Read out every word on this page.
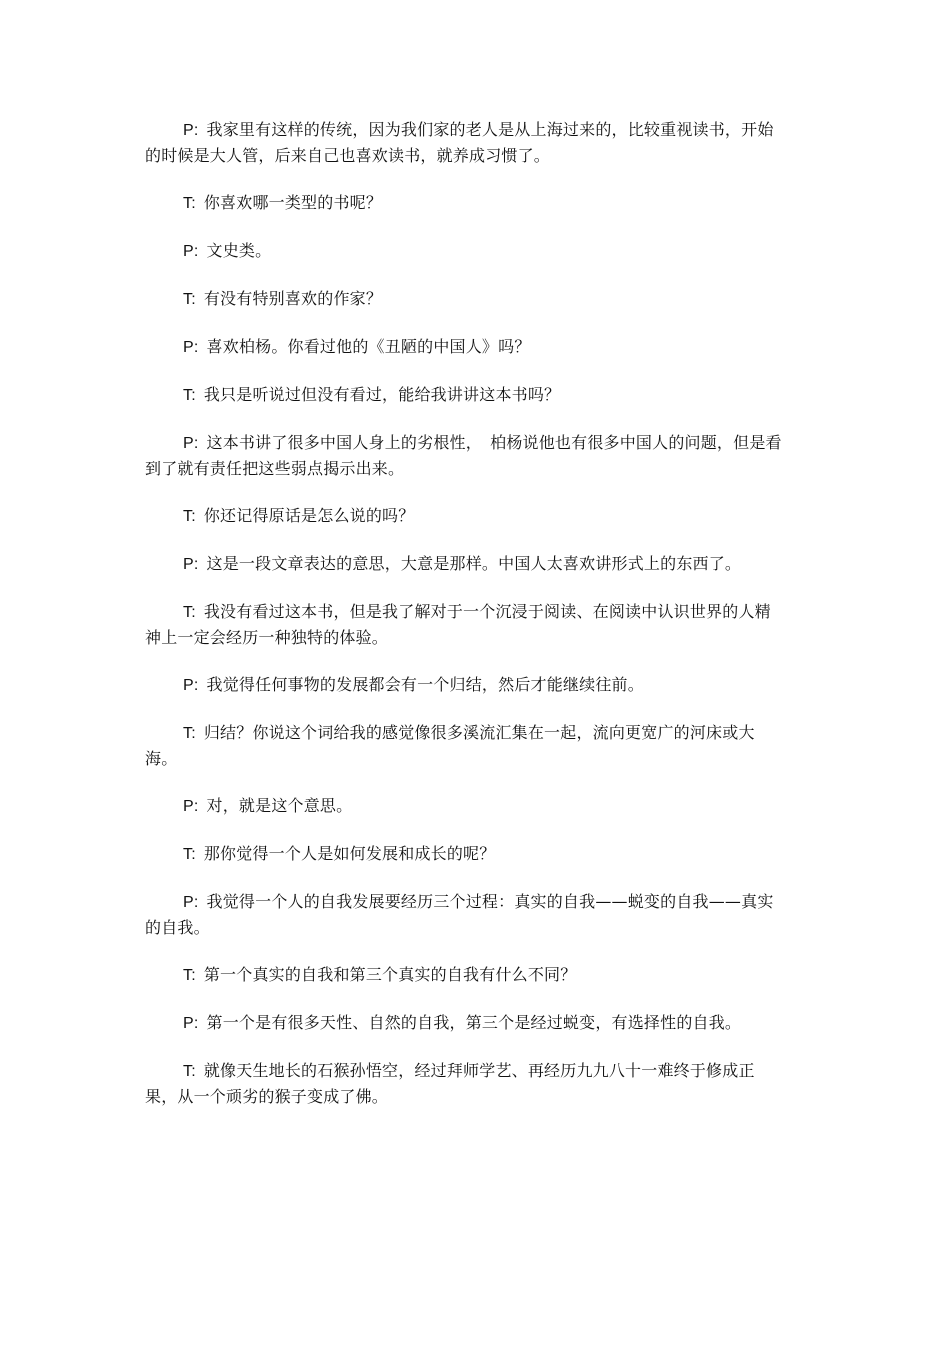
P: 我家里有这样的传统，因为我们家的老人是从上海过来的，比较重视读书，开始的时候是大人管，后来自己也喜欢读书，就养成习惯了。

T: 你喜欢哪一类型的书呢？

P: 文史类。

T: 有没有特别喜欢的作家？

P: 喜欢柏杨。你看过他的《丑陋的中国人》吗？

T: 我只是听说过但没有看过，能给我讲讲这本书吗？

P: 这本书讲了很多中国人身上的劣根性，　柏杨说他也有很多中国人的问题，但是看到了就有责任把这些弱点揭示出来。

T: 你还记得原话是怎么说的吗？

P: 这是一段文章表达的意思，大意是那样。中国人太喜欢讲形式上的东西了。

T: 我没有看过这本书，但是我了解对于一个沉浸于阅读、在阅读中认识世界的人精神上一定会经历一种独特的体验。

P: 我觉得任何事物的发展都会有一个归结，然后才能继续往前。

T: 归结？你说这个词给我的感觉像很多溪流汇集在一起，流向更宽广的河床或大海。

P: 对，就是这个意思。

T: 那你觉得一个人是如何发展和成长的呢？

P: 我觉得一个人的自我发展要经历三个过程：真实的自我——蜕变的自我——真实的自我。

T: 第一个真实的自我和第三个真实的自我有什么不同？

P: 第一个是有很多天性、自然的自我，第三个是经过蜕变，有选择性的自我。

T: 就像天生地长的石猴孙悟空，经过拜师学艺、再经历九九八十一难终于修成正果，从一个顽劣的猴子变成了佛。
